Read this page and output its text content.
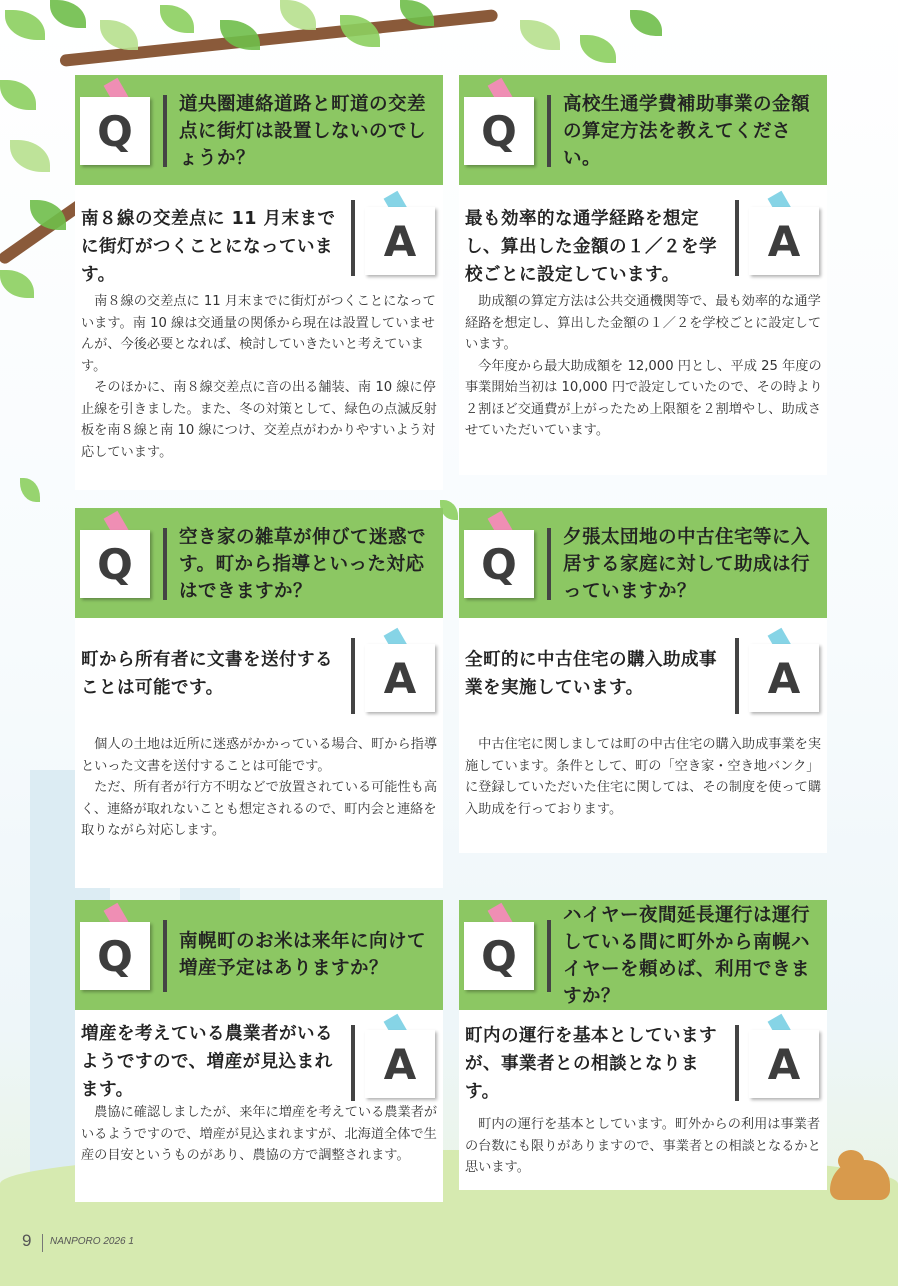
Q
道央圏連絡道路と町道の交差点に街灯は設置しないのでしょうか？
南８線の交差点に 11 月末までに街灯がつくことになっています。
A
　南８線の交差点に 11 月末までに街灯がつくことになっています。南 10 線は交通量の関係から現在は設置していませんが、今後必要となれば、検討していきたいと考えています。
　そのほかに、南８線交差点に音の出る舗装、南 10 線に停止線を引きました。また、冬の対策として、緑色の点滅反射板を南８線と南 10 線につけ、交差点がわかりやすいよう対応しています。
Q
高校生通学費補助事業の金額の算定方法を教えてください。
最も効率的な通学経路を想定し、算出した金額の１／２を学校ごとに設定しています。
A
　助成額の算定方法は公共交通機関等で、最も効率的な通学経路を想定し、算出した金額の１／２を学校ごとに設定しています。
　今年度から最大助成額を 12,000 円とし、平成 25 年度の事業開始当初は 10,000 円で設定していたので、その時より２割ほど交通費が上がったため上限額を２割増やし、助成させていただいています。
Q
空き家の雑草が伸びて迷惑です。町から指導といった対応はできますか？
町から所有者に文書を送付することは可能です。	A
　個人の土地は近所に迷惑がかかっている場合、町から指導といった文書を送付することは可能です。
　ただ、所有者が行方不明などで放置されている可能性も高く、連絡が取れないことも想定されるので、町内会と連絡を取りながら対応します。
Q
夕張太団地の中古住宅等に入居する家庭に対して助成は行っていますか？
全町的に中古住宅の購入助成事業を実施しています。	A
　中古住宅に関しましては町の中古住宅の購入助成事業を実施しています。条件として、町の「空き家・空き地バンク」に登録していただいた住宅に関しては、その制度を使って購入助成を行っております。
Q	南幌町のお米は来年に向けて増産予定はありますか？
増産を考えている農業者がいるようですので、増産が見込まれます。
A
　農協に確認しましたが、来年に増産を考えている農業者がいるようですので、増産が見込まれますが、北海道全体で生産の目安というものがあり、農協の方で調整されます。
Q
ハイヤー夜間延長運行は運行している間に町外から南幌ハイヤーを頼めば、利用できますか？
町内の運行を基本としていますが、事業者との相談となります。
A
　町内の運行を基本としています。町外からの利用は事業者の台数にも限りがありますので、事業者との相談となるかと思います。
9 NANPORO 2026 1
